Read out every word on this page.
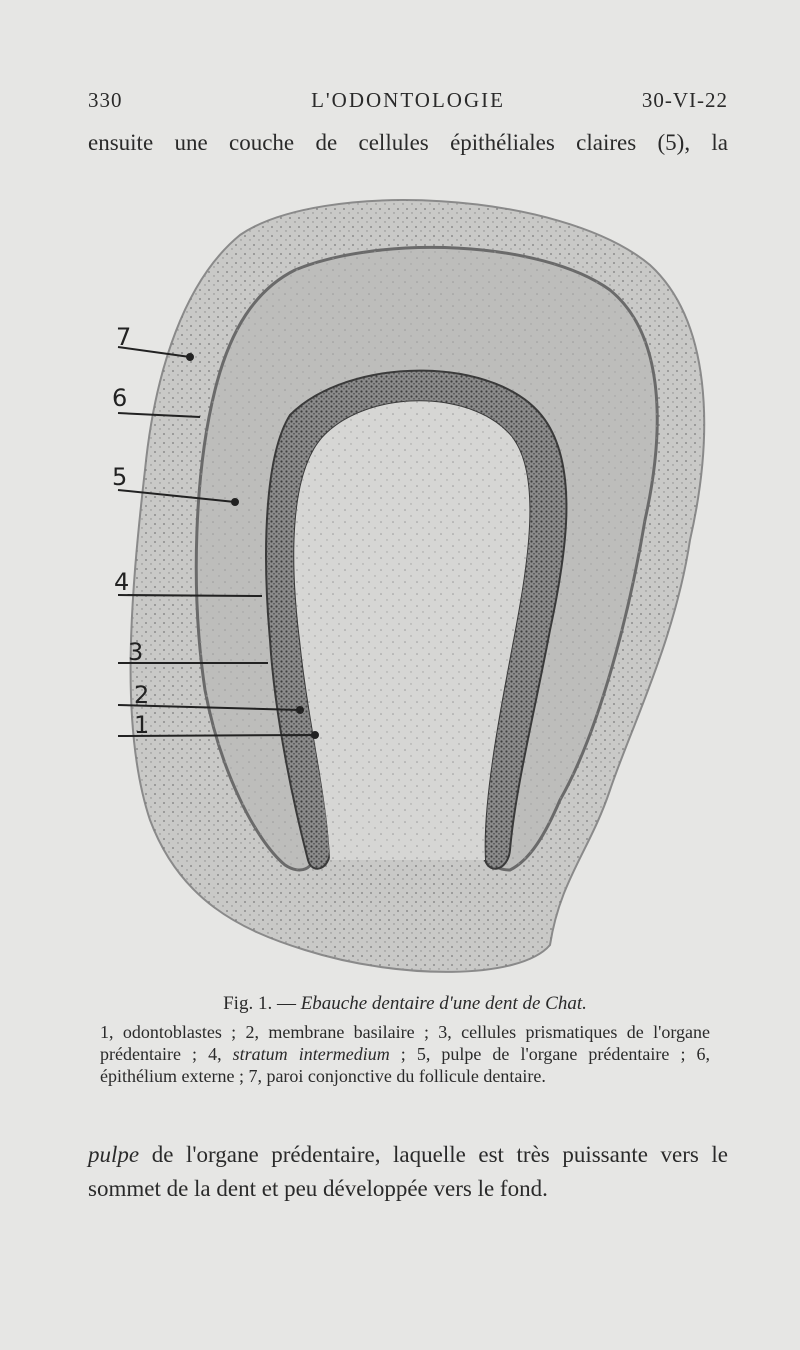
330	L'ODONTOLOGIE	30-VI-22
ensuite une couche de cellules épithéliales claires (5), la
7
6
5
4
3
2
1
Fig. 1. — Ebauche dentaire d'une dent de Chat.
1, odontoblastes ; 2, membrane basilaire ; 3, cellules prismatiques de l'organe prédentaire ; 4, stratum intermedium ; 5, pulpe de l'organe prédentaire ; 6, épithélium externe ; 7, paroi conjonctive du follicule dentaire.
pulpe de l'organe prédentaire, laquelle est très puissante vers le sommet de la dent et peu développée vers le fond.
